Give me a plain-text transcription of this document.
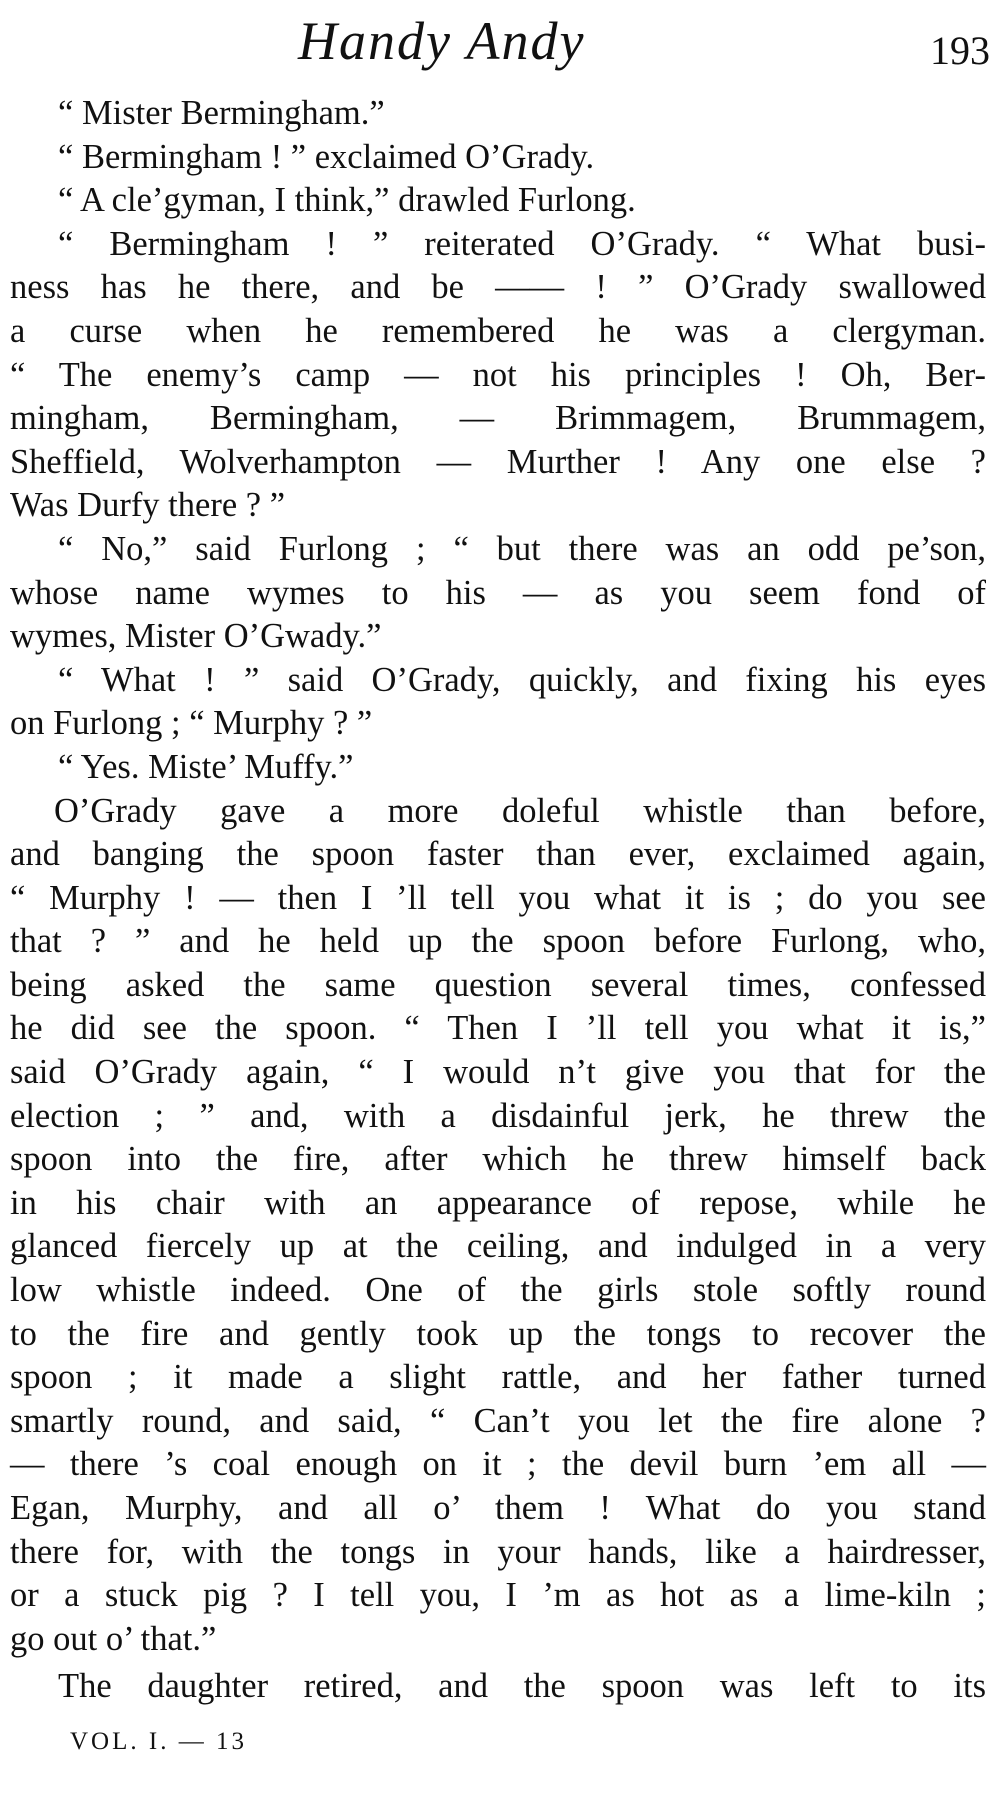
Handy Andy	193
“ Mister Bermingham.”
“ Bermingham ! ” exclaimed O’Grady.
“ A cle’gyman, I think,” drawled Furlong.
“ Bermingham ! ” reiterated O’Grady. “ What busi-
ness has he there, and be —— ! ” O’Grady swallowed
a curse when he remembered he was a clergyman.
“ The enemy’s camp — not his principles ! Oh, Ber-
mingham, Bermingham, — Brimmagem, Brummagem,
Sheffield, Wolverhampton — Murther ! Any one else ?
Was Durfy there ? ”
“ No,” said Furlong ; “ but there was an odd pe’son,
whose name wymes to his — as you seem fond of
wymes, Mister O’Gwady.”
“ What ! ” said O’Grady, quickly, and fixing his eyes
on Furlong ; “ Murphy ? ”
“ Yes. Miste’ Muffy.”
O’Grady gave a more doleful whistle than before,
and banging the spoon faster than ever, exclaimed again,
“ Murphy ! — then I ’ll tell you what it is ; do you see
that ? ” and he held up the spoon before Furlong, who,
being asked the same question several times, confessed
he did see the spoon. “ Then I ’ll tell you what it is,”
said O’Grady again, “ I would n’t give you that for the
election ; ” and, with a disdainful jerk, he threw the
spoon into the fire, after which he threw himself back
in his chair with an appearance of repose, while he
glanced fiercely up at the ceiling, and indulged in a very
low whistle indeed. One of the girls stole softly round
to the fire and gently took up the tongs to recover the
spoon ; it made a slight rattle, and her father turned
smartly round, and said, “ Can’t you let the fire alone ?
— there ’s coal enough on it ; the devil burn ’em all —
Egan, Murphy, and all o’ them ! What do you stand
there for, with the tongs in your hands, like a hairdresser,
or a stuck pig ? I tell you, I ’m as hot as a lime-kiln ;
go out o’ that.”
The daughter retired, and the spoon was left to its
VOL. I. — 13
